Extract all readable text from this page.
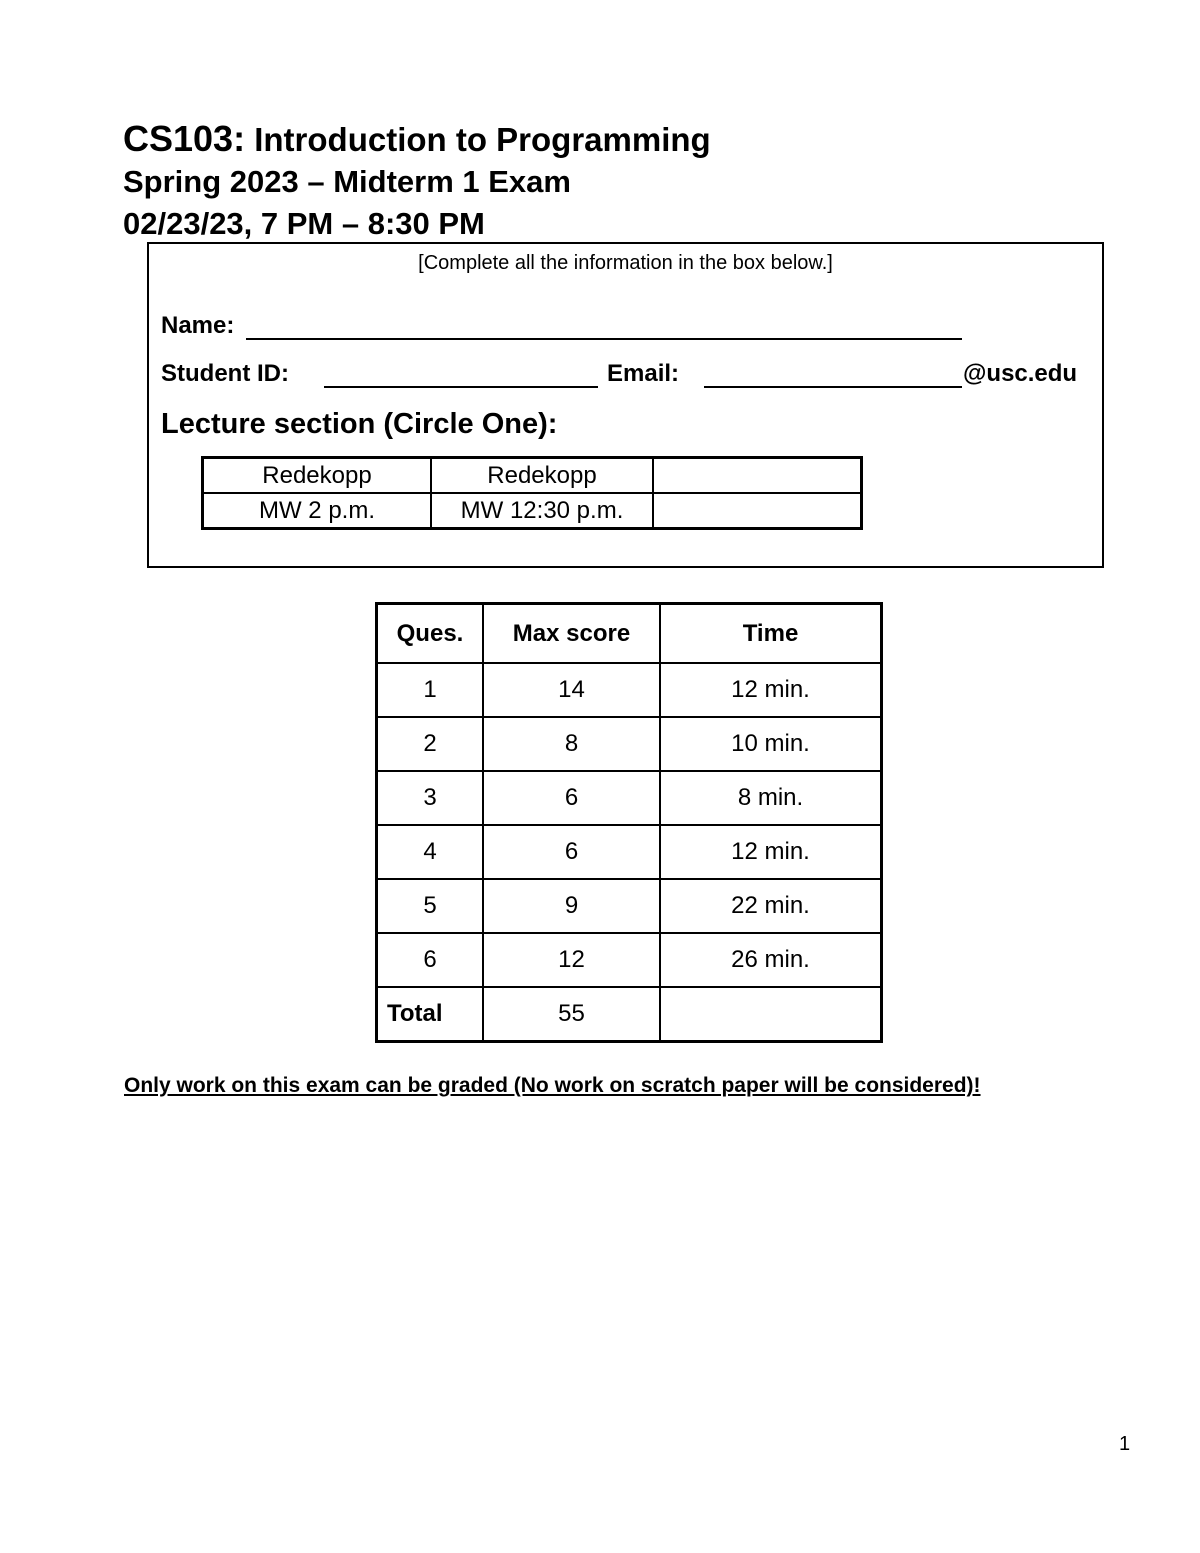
CS103: Introduction to Programming
Spring 2023 – Midterm 1 Exam
02/23/23, 7 PM – 8:30 PM
[Complete all the information in the box below.]
Name:
Student ID:	Email:	@usc.edu
Lecture section (Circle One):
Redekopp	Redekopp	
MW 2 p.m.	MW 12:30 p.m.	
Ques.	Max score	Time
1	14	12 min.
2	8	10 min.
3	6	8 min.
4	6	12 min.
5	9	22 min.
6	12	26 min.
Total	55	
Only work on this exam can be graded (No work on scratch paper will be considered)!
1
